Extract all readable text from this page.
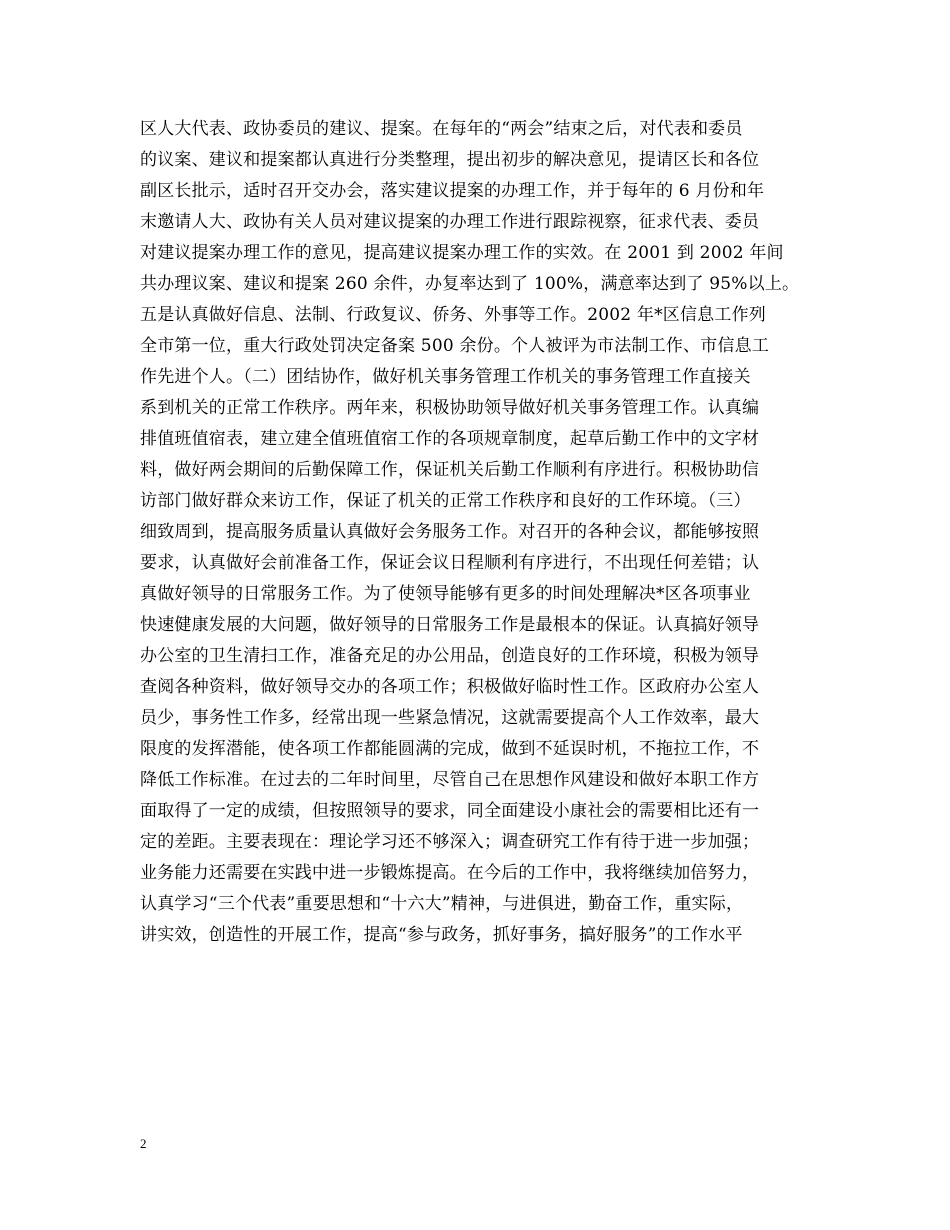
区人大代表、政协委员的建议、提案。在每年的“两会”结束之后，对代表和委员
的议案、建议和提案都认真进行分类整理，提出初步的解决意见，提请区长和各位
副区长批示，适时召开交办会，落实建议提案的办理工作，并于每年的 6 月份和年
末邀请人大、政协有关人员对建议提案的办理工作进行跟踪视察，征求代表、委员
对建议提案办理工作的意见，提高建议提案办理工作的实效。在 2001 到 2002 年间
共办理议案、建议和提案 260 余件，办复率达到了 100%，满意率达到了 95%以上。
五是认真做好信息、法制、行政复议、侨务、外事等工作。2002 年*区信息工作列
全市第一位，重大行政处罚决定备案 500 余份。个人被评为市法制工作、市信息工
作先进个人。（二）团结协作，做好机关事务管理工作机关的事务管理工作直接关
系到机关的正常工作秩序。两年来，积极协助领导做好机关事务管理工作。认真编
排值班值宿表，建立建全值班值宿工作的各项规章制度，起草后勤工作中的文字材
料，做好两会期间的后勤保障工作，保证机关后勤工作顺利有序进行。积极协助信
访部门做好群众来访工作，保证了机关的正常工作秩序和良好的工作环境。（三）
细致周到，提高服务质量认真做好会务服务工作。对召开的各种会议，都能够按照
要求，认真做好会前准备工作，保证会议日程顺利有序进行，不出现任何差错；认
真做好领导的日常服务工作。为了使领导能够有更多的时间处理解决*区各项事业
快速健康发展的大问题，做好领导的日常服务工作是最根本的保证。认真搞好领导
办公室的卫生清扫工作，准备充足的办公用品，创造良好的工作环境，积极为领导
查阅各种资料，做好领导交办的各项工作；积极做好临时性工作。区政府办公室人
员少，事务性工作多，经常出现一些紧急情况，这就需要提高个人工作效率，最大
限度的发挥潜能，使各项工作都能圆满的完成，做到不延误时机，不拖拉工作，不
降低工作标准。在过去的二年时间里，尽管自己在思想作风建设和做好本职工作方
面取得了一定的成绩，但按照领导的要求，同全面建设小康社会的需要相比还有一
定的差距。主要表现在：理论学习还不够深入；调查研究工作有待于进一步加强；
业务能力还需要在实践中进一步锻炼提高。在今后的工作中，我将继续加倍努力，
认真学习“三个代表”重要思想和“十六大”精神，与进俱进，勤奋工作，重实际，
讲实效，创造性的开展工作，提高“参与政务，抓好事务，搞好服务”的工作水平
2
